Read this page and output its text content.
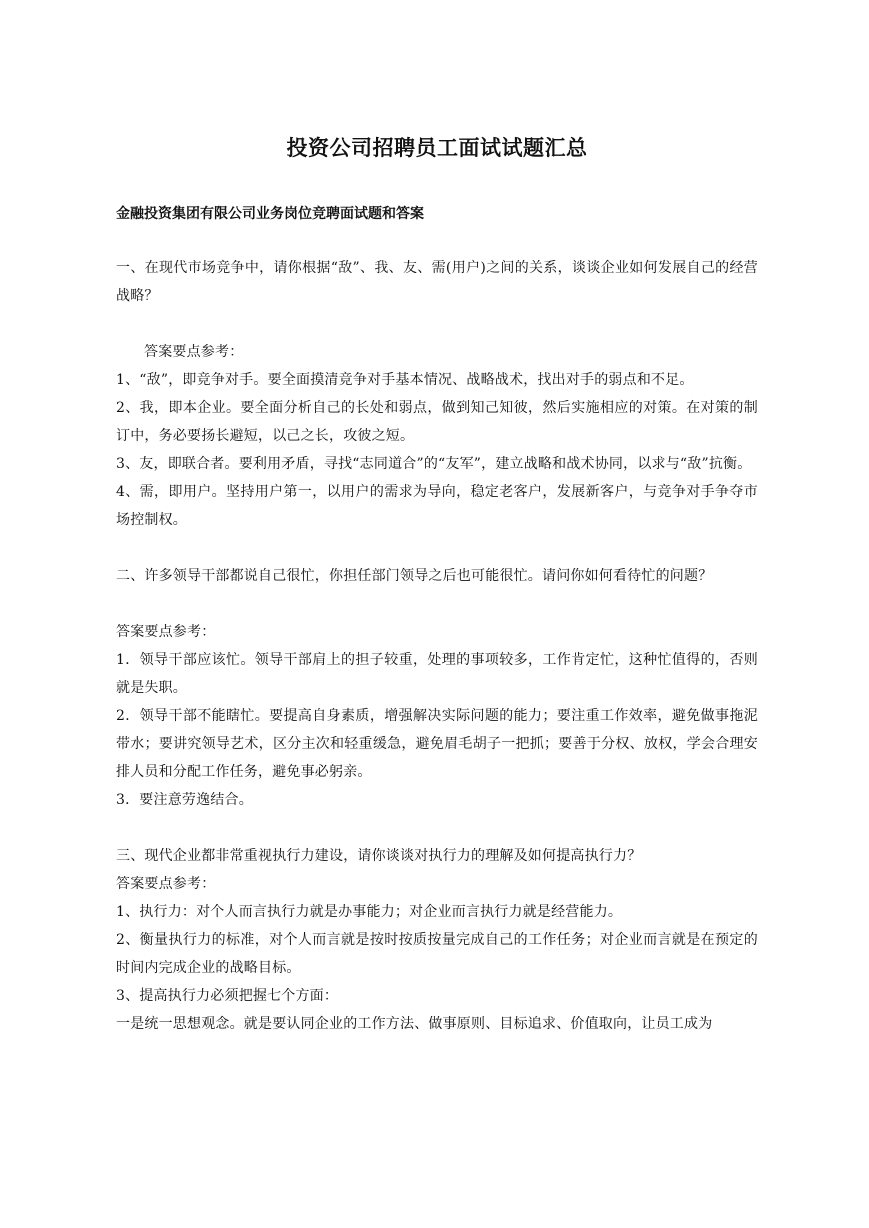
投资公司招聘员工面试试题汇总
金融投资集团有限公司业务岗位竞聘面试题和答案

一、在现代市场竞争中，请你根据“敌”、我、友、需(用户)之间的关系，谈谈企业如何发展自己的经营战略？

答案要点参考：

1、“敌”，即竞争对手。要全面摸清竞争对手基本情况、战略战术，找出对手的弱点和不足。

2、我，即本企业。要全面分析自己的长处和弱点，做到知己知彼，然后实施相应的对策。在对策的制订中，务必要扬长避短，以己之长，攻彼之短。

3、友，即联合者。要利用矛盾，寻找“志同道合”的“友军”，建立战略和战术协同，以求与“敌”抗衡。

4、需，即用户。坚持用户第一，以用户的需求为导向，稳定老客户，发展新客户，与竞争对手争夺市场控制权。

二、许多领导干部都说自己很忙，你担任部门领导之后也可能很忙。请问你如何看待忙的问题？

答案要点参考：

1．领导干部应该忙。领导干部肩上的担子较重，处理的事项较多，工作肯定忙，这种忙值得的，否则就是失职。

2．领导干部不能瞎忙。要提高自身素质，增强解决实际问题的能力；要注重工作效率，避免做事拖泥带水；要讲究领导艺术，区分主次和轻重缓急，避免眉毛胡子一把抓；要善于分权、放权，学会合理安排人员和分配工作任务，避免事必躬亲。

3．要注意劳逸结合。

三、现代企业都非常重视执行力建设，请你谈谈对执行力的理解及如何提高执行力？

答案要点参考：

1、执行力：对个人而言执行力就是办事能力；对企业而言执行力就是经营能力。

2、衡量执行力的标准，对个人而言就是按时按质按量完成自己的工作任务；对企业而言就是在预定的时间内完成企业的战略目标。

3、提高执行力必须把握七个方面：

一是统一思想观念。就是要认同企业的工作方法、做事原则、目标追求、价值取向，让员工成为
